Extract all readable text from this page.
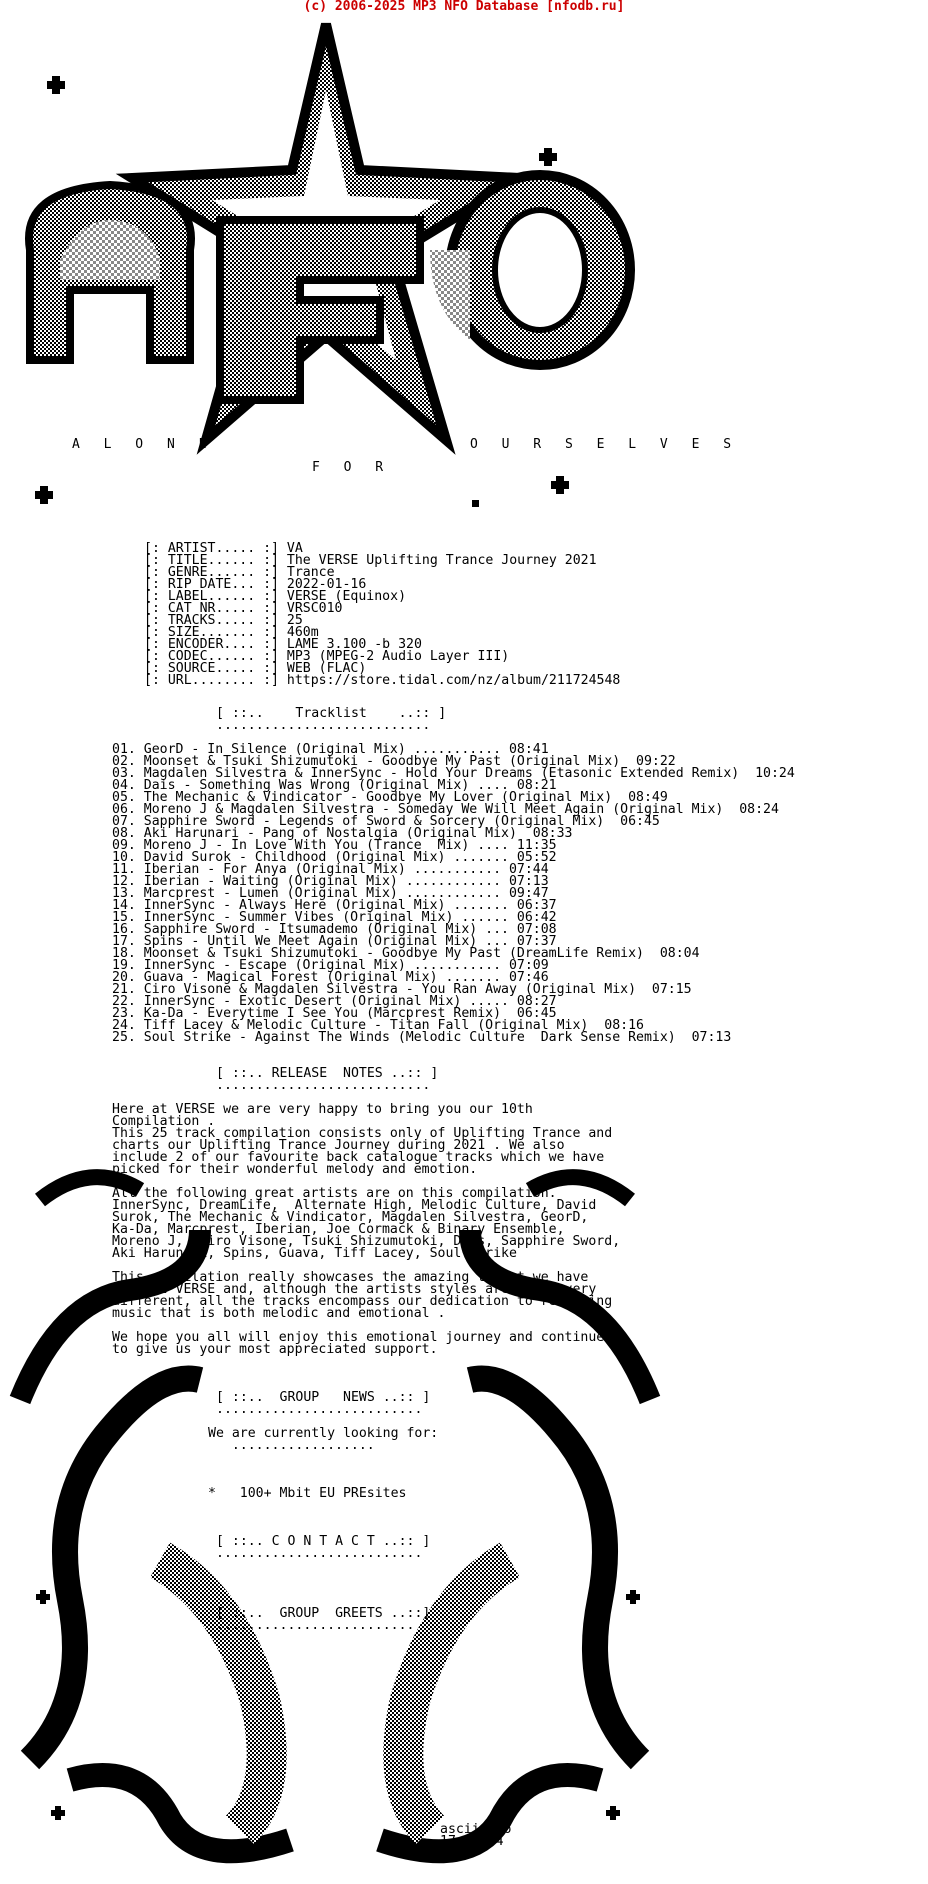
(c) 2006-2025 MP3 NFO Database [nfodb.ru]
A L O N E
F O R
O U R S E L V E S
[: ARTIST..... :] VA
[: TITLE...... :] The VERSE Uplifting Trance Journey 2021
[: GENRE...... :] Trance
[: RIP DATE... :] 2022-01-16
[: LABEL...... :] VERSE (Equinox)
[: CAT NR..... :] VRSC010
[: TRACKS..... :] 25
[: SIZE....... :] 460m
[: ENCODER.... :] LAME 3.100 -b 320
[: CODEC...... :] MP3 (MPEG-2 Audio Layer III)
[: SOURCE..... :] WEB (FLAC)
[: URL........ :] https://store.tidal.com/nz/album/211724548
[ ::..    Tracklist    ..:: ]
...........................
01. GeorD - In Silence (Original Mix) ........... 08:41
02. Moonset & Tsuki Shizumutoki - Goodbye My Past (Original Mix)  09:22
03. Magdalen Silvestra & InnerSync - Hold Your Dreams (Etasonic Extended Remix)  10:24
04. Dais - Something Was Wrong (Original Mix) .... 08:21
05. The Mechanic & Vindicator - Goodbye My Lover (Original Mix)  08:49
06. Moreno J & Magdalen Silvestra - Someday We Will Meet Again (Original Mix)  08:24
07. Sapphire Sword - Legends of Sword & Sorcery (Original Mix)  06:45
08. Aki Harunari - Pang of Nostalgia (Original Mix)  08:33
09. Moreno J - In Love With You (Trance  Mix) .... 11:35
10. David Surok - Childhood (Original Mix) ....... 05:52
11. Iberian - For Anya (Original Mix) ........... 07:44
12. Iberian - Waiting (Original Mix) ............ 07:13
13. Marcprest - Lumen (Original Mix) ............ 09:47
14. InnerSync - Always Here (Original Mix) ....... 06:37
15. InnerSync - Summer Vibes (Original Mix) ...... 06:42
16. Sapphire Sword - Itsumademo (Original Mix) ... 07:08
17. Spins - Until We Meet Again (Original Mix) ... 07:37
18. Moonset & Tsuki Shizumutoki - Goodbye My Past (DreamLife Remix)  08:04
19. InnerSync - Escape (Original Mix) ........... 07:09
20. Guava - Magical Forest (Original Mix) ....... 07:46
21. Ciro Visone & Magdalen Silvestra - You Ran Away (Original Mix)  07:15
22. InnerSync - Exotic Desert (Original Mix) ..... 08:27
23. Ka-Da - Everytime I See You (Marcprest Remix)  06:45
24. Tiff Lacey & Melodic Culture - Titan Fall (Original Mix)  08:16
25. Soul Strike - Against The Winds (Melodic Culture  Dark Sense Remix)  07:13
[ ::.. RELEASE  NOTES ..:: ]
...........................
Here at VERSE we are very happy to bring you our 10th
Compilation .
This 25 track compilation consists only of Uplifting Trance and
charts our Uplifting Trance Journey during 2021 . We also
include 2 of our favourite back catalogue tracks which we have
picked for their wonderful melody and emotion.

All the following great artists are on this compilation.
InnerSync, DreamLife,  Alternate High, Melodic Culture, David
Surok, The Mechanic & Vindicator, Magdalen Silvestra, GeorD,
Ka-Da, Marcprest, Iberian, Joe Cormack & Binary Ensemble,
Moreno J,  Ciro Visone, Tsuki Shizumutoki, Dais, Sapphire Sword,
Aki Harunari, Spins, Guava, Tiff Lacey, Soul Strike

This compilation really showcases the amazing talent we have
here at VERSE and, although the artists styles are often very
different, all the tracks encompass our dedication to releasing
music that is both melodic and emotional .

We hope you all will enjoy this emotional journey and continue
to give us your most appreciated support.
[ ::..  GROUP   NEWS ..:: ]
..........................
We are currently looking for:
..................
*   100+ Mbit EU PREsites
[ ::.. C O N T A C T ..:: ]
..........................
[ ::..  GROUP  GREETS ..::]
.........................
ascii.afo
17.02.04
